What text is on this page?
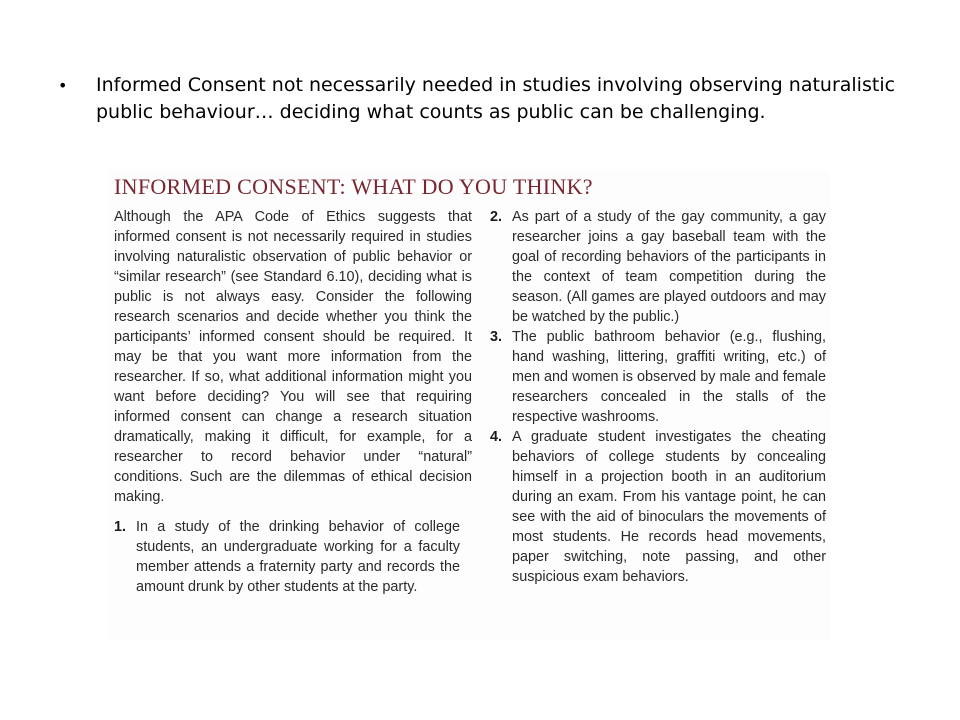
•	Informed Consent not necessarily needed in studies involving observing naturalistic public behaviour… deciding what counts as public can be challenging.
INFORMED CONSENT: WHAT DO YOU THINK?

Although the APA Code of Ethics suggests that informed consent is not necessarily required in studies involving naturalistic observation of public behavior or “similar research” (see Standard 6.10), deciding what is public is not always easy. Consider the following research scenarios and decide whether you think the participants’ informed consent should be required. It may be that you want more information from the researcher. If so, what additional information might you want before deciding? You will see that requiring informed consent can change a research situation dramatically, making it difficult, for example, for a researcher to record behavior under “natural” conditions. Such are the dilemmas of ethical decision making.

1. In a study of the drinking behavior of college students, an undergraduate working for a faculty member attends a fraternity party and records the amount drunk by other students at the party.
2. As part of a study of the gay community, a gay researcher joins a gay baseball team with the goal of recording behaviors of the participants in the context of team competition during the season. (All games are played outdoors and may be watched by the public.)
3. The public bathroom behavior (e.g., flushing, hand washing, littering, graffiti writing, etc.) of men and women is observed by male and female researchers concealed in the stalls of the respective washrooms.
4. A graduate student investigates the cheating behaviors of college students by concealing himself in a projection booth in an auditorium during an exam. From his vantage point, he can see with the aid of binoculars the movements of most students. He records head movements, paper switching, note passing, and other suspicious exam behaviors.
